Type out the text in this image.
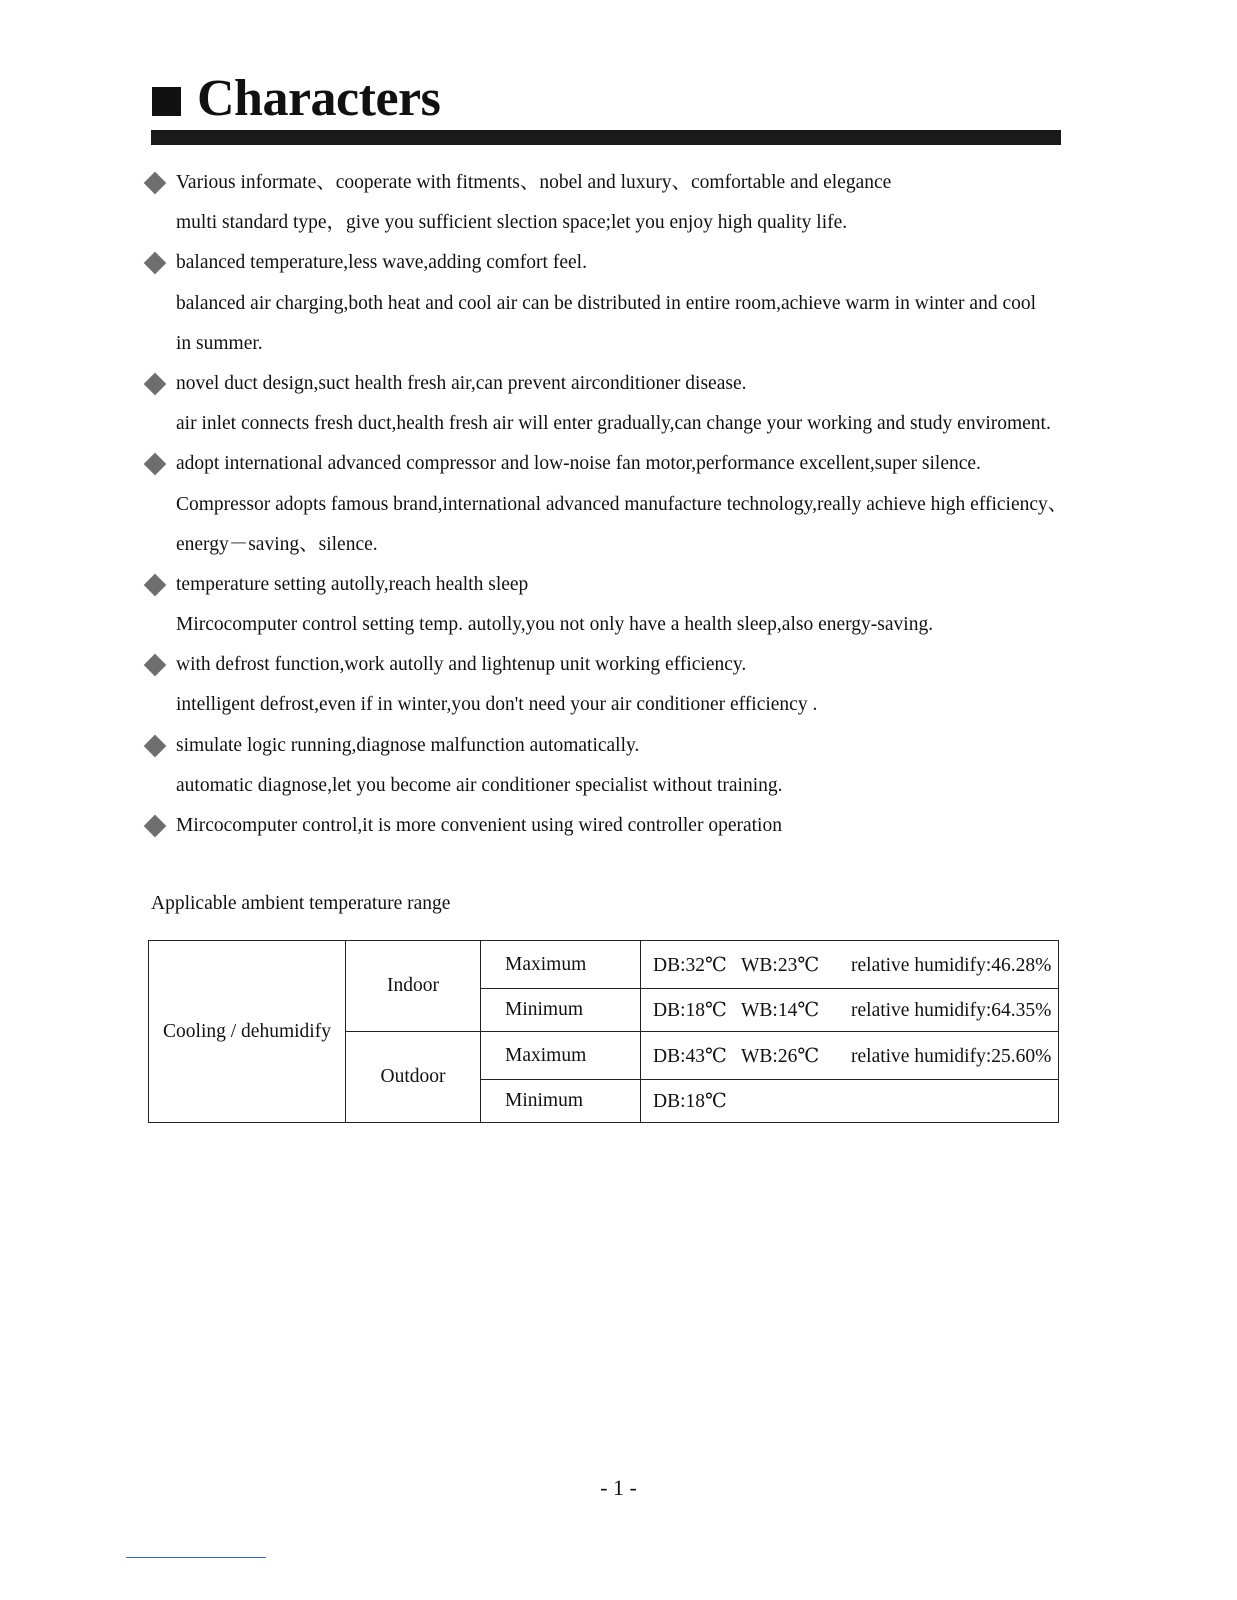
Characters
Various informate、cooperate with fitments、nobel and luxury、comfortable and elegance
multi standard type，give you sufficient slection space;let you enjoy high quality life.
balanced temperature,less wave,adding comfort feel.
balanced air charging,both heat and cool air can be distributed in entire room,achieve warm in winter and cool
in summer.
novel duct design,suct health fresh air,can prevent airconditioner disease.
air inlet connects fresh duct,health fresh air will enter gradually,can change your working and study enviroment.
adopt international advanced compressor and low-noise fan motor,performance excellent,super silence.
Compressor adopts famous brand,international advanced manufacture technology,really achieve high efficiency、
energy－saving、silence.
temperature setting autolly,reach health sleep
Mircocomputer control setting temp. autolly,you not only have a health sleep,also energy-saving.
with defrost function,work autolly and lightenup unit working efficiency.
intelligent defrost,even if in winter,you don't need your air conditioner efficiency .
simulate logic running,diagnose malfunction automatically.
automatic diagnose,let you become air conditioner specialist without training.
Mircocomputer control,it is more convenient using wired controller operation
Applicable ambient temperature range
Cooling / dehumidify	Indoor	Maximum	DB:32℃ WB:23℃ relative humidify:46.28%
		Minimum	DB:18℃ WB:14℃ relative humidify:64.35%
	Outdoor	Maximum	DB:43℃ WB:26℃ relative humidify:25.60%
		Minimum	DB:18℃
- 1 -
